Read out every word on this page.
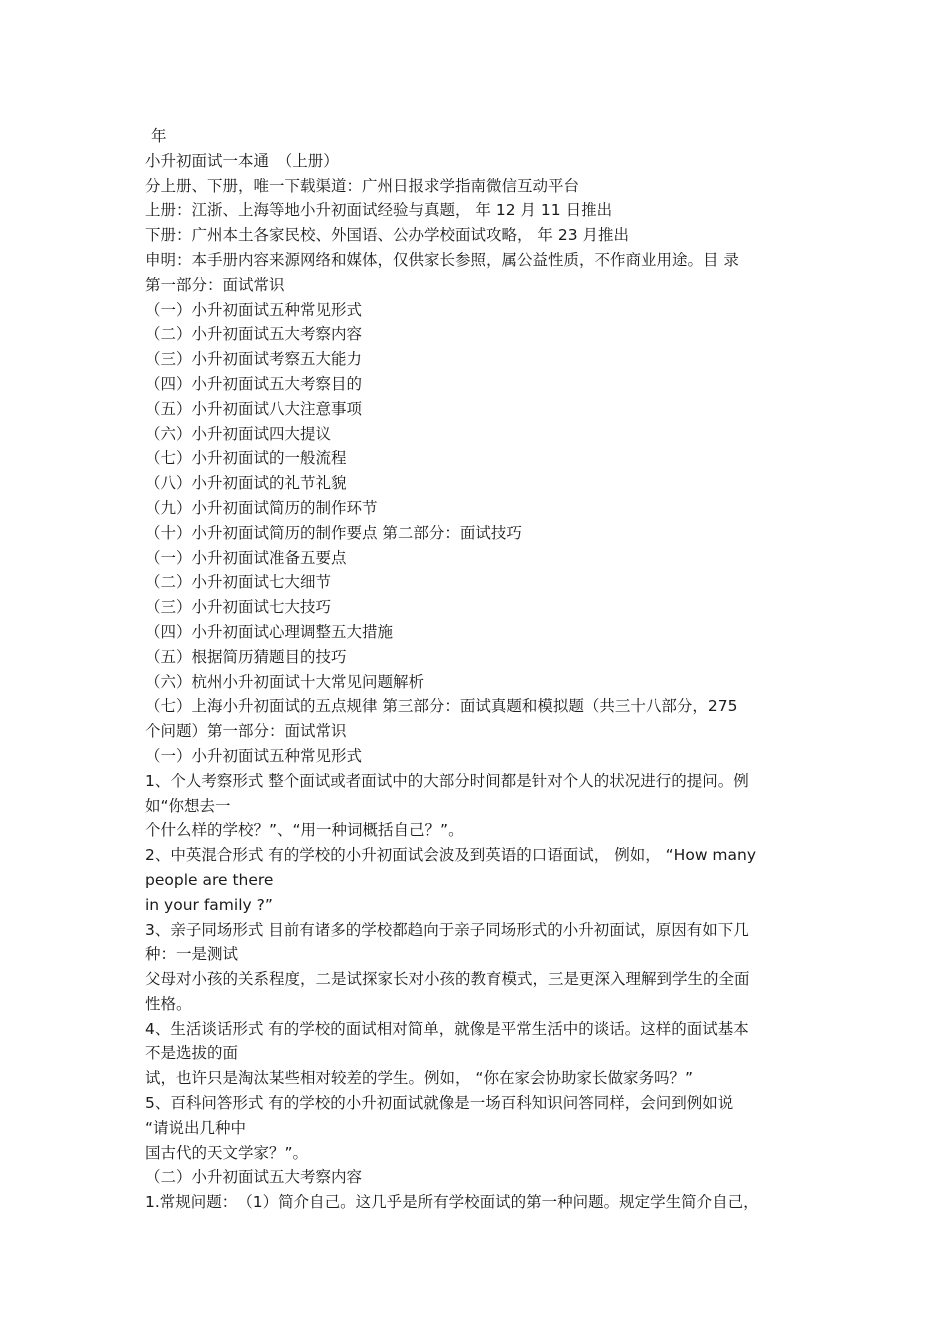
年
小升初面试一本通　（上册）
分上册、下册，唯一下载渠道：广州日报求学指南微信互动平台
上册：江浙、上海等地小升初面试经验与真题， 年 12 月 11 日推出
下册：广州本土各家民校、外国语、公办学校面试攻略， 年 23 月推出
申明：本手册内容来源网络和媒体，仅供家长参照，属公益性质，不作商业用途。目 录
第一部分：面试常识
（一）小升初面试五种常见形式
（二）小升初面试五大考察内容
（三）小升初面试考察五大能力
（四）小升初面试五大考察目的
（五）小升初面试八大注意事项
（六）小升初面试四大提议
（七）小升初面试的一般流程
（八）小升初面试的礼节礼貌
（九）小升初面试简历的制作环节
（十）小升初面试简历的制作要点 第二部分：面试技巧
（一）小升初面试准备五要点
（二）小升初面试七大细节
（三）小升初面试七大技巧
（四）小升初面试心理调整五大措施
（五）根据简历猜题目的技巧
（六）杭州小升初面试十大常见问题解析
（七）上海小升初面试的五点规律 第三部分：面试真题和模拟题（共三十八部分，275
个问题）第一部分：面试常识
（一）小升初面试五种常见形式
1、个人考察形式 整个面试或者面试中的大部分时间都是针对个人的状况进行的提问。例
如“你想去一
个什么样的学校？”、“用一种词概括自己？”。
2、中英混合形式 有的学校的小升初面试会波及到英语的口语面试， 例如， “How many
people are there
in your family ?”
3、亲子同场形式 目前有诸多的学校都趋向于亲子同场形式的小升初面试，原因有如下几
种：一是测试
父母对小孩的关系程度，二是试探家长对小孩的教育模式，三是更深入理解到学生的全面
性格。
4、生活谈话形式 有的学校的面试相对简单，就像是平常生活中的谈话。这样的面试基本
不是选拔的面
试，也许只是淘汰某些相对较差的学生。例如， “你在家会协助家长做家务吗？”
5、百科问答形式 有的学校的小升初面试就像是一场百科知识问答同样，会问到例如说
“请说出几种中
国古代的天文学家？”。
（二）小升初面试五大考察内容
1.常规问题：　（1）简介自己。这几乎是所有学校面试的第一种问题。规定学生简介自己，
